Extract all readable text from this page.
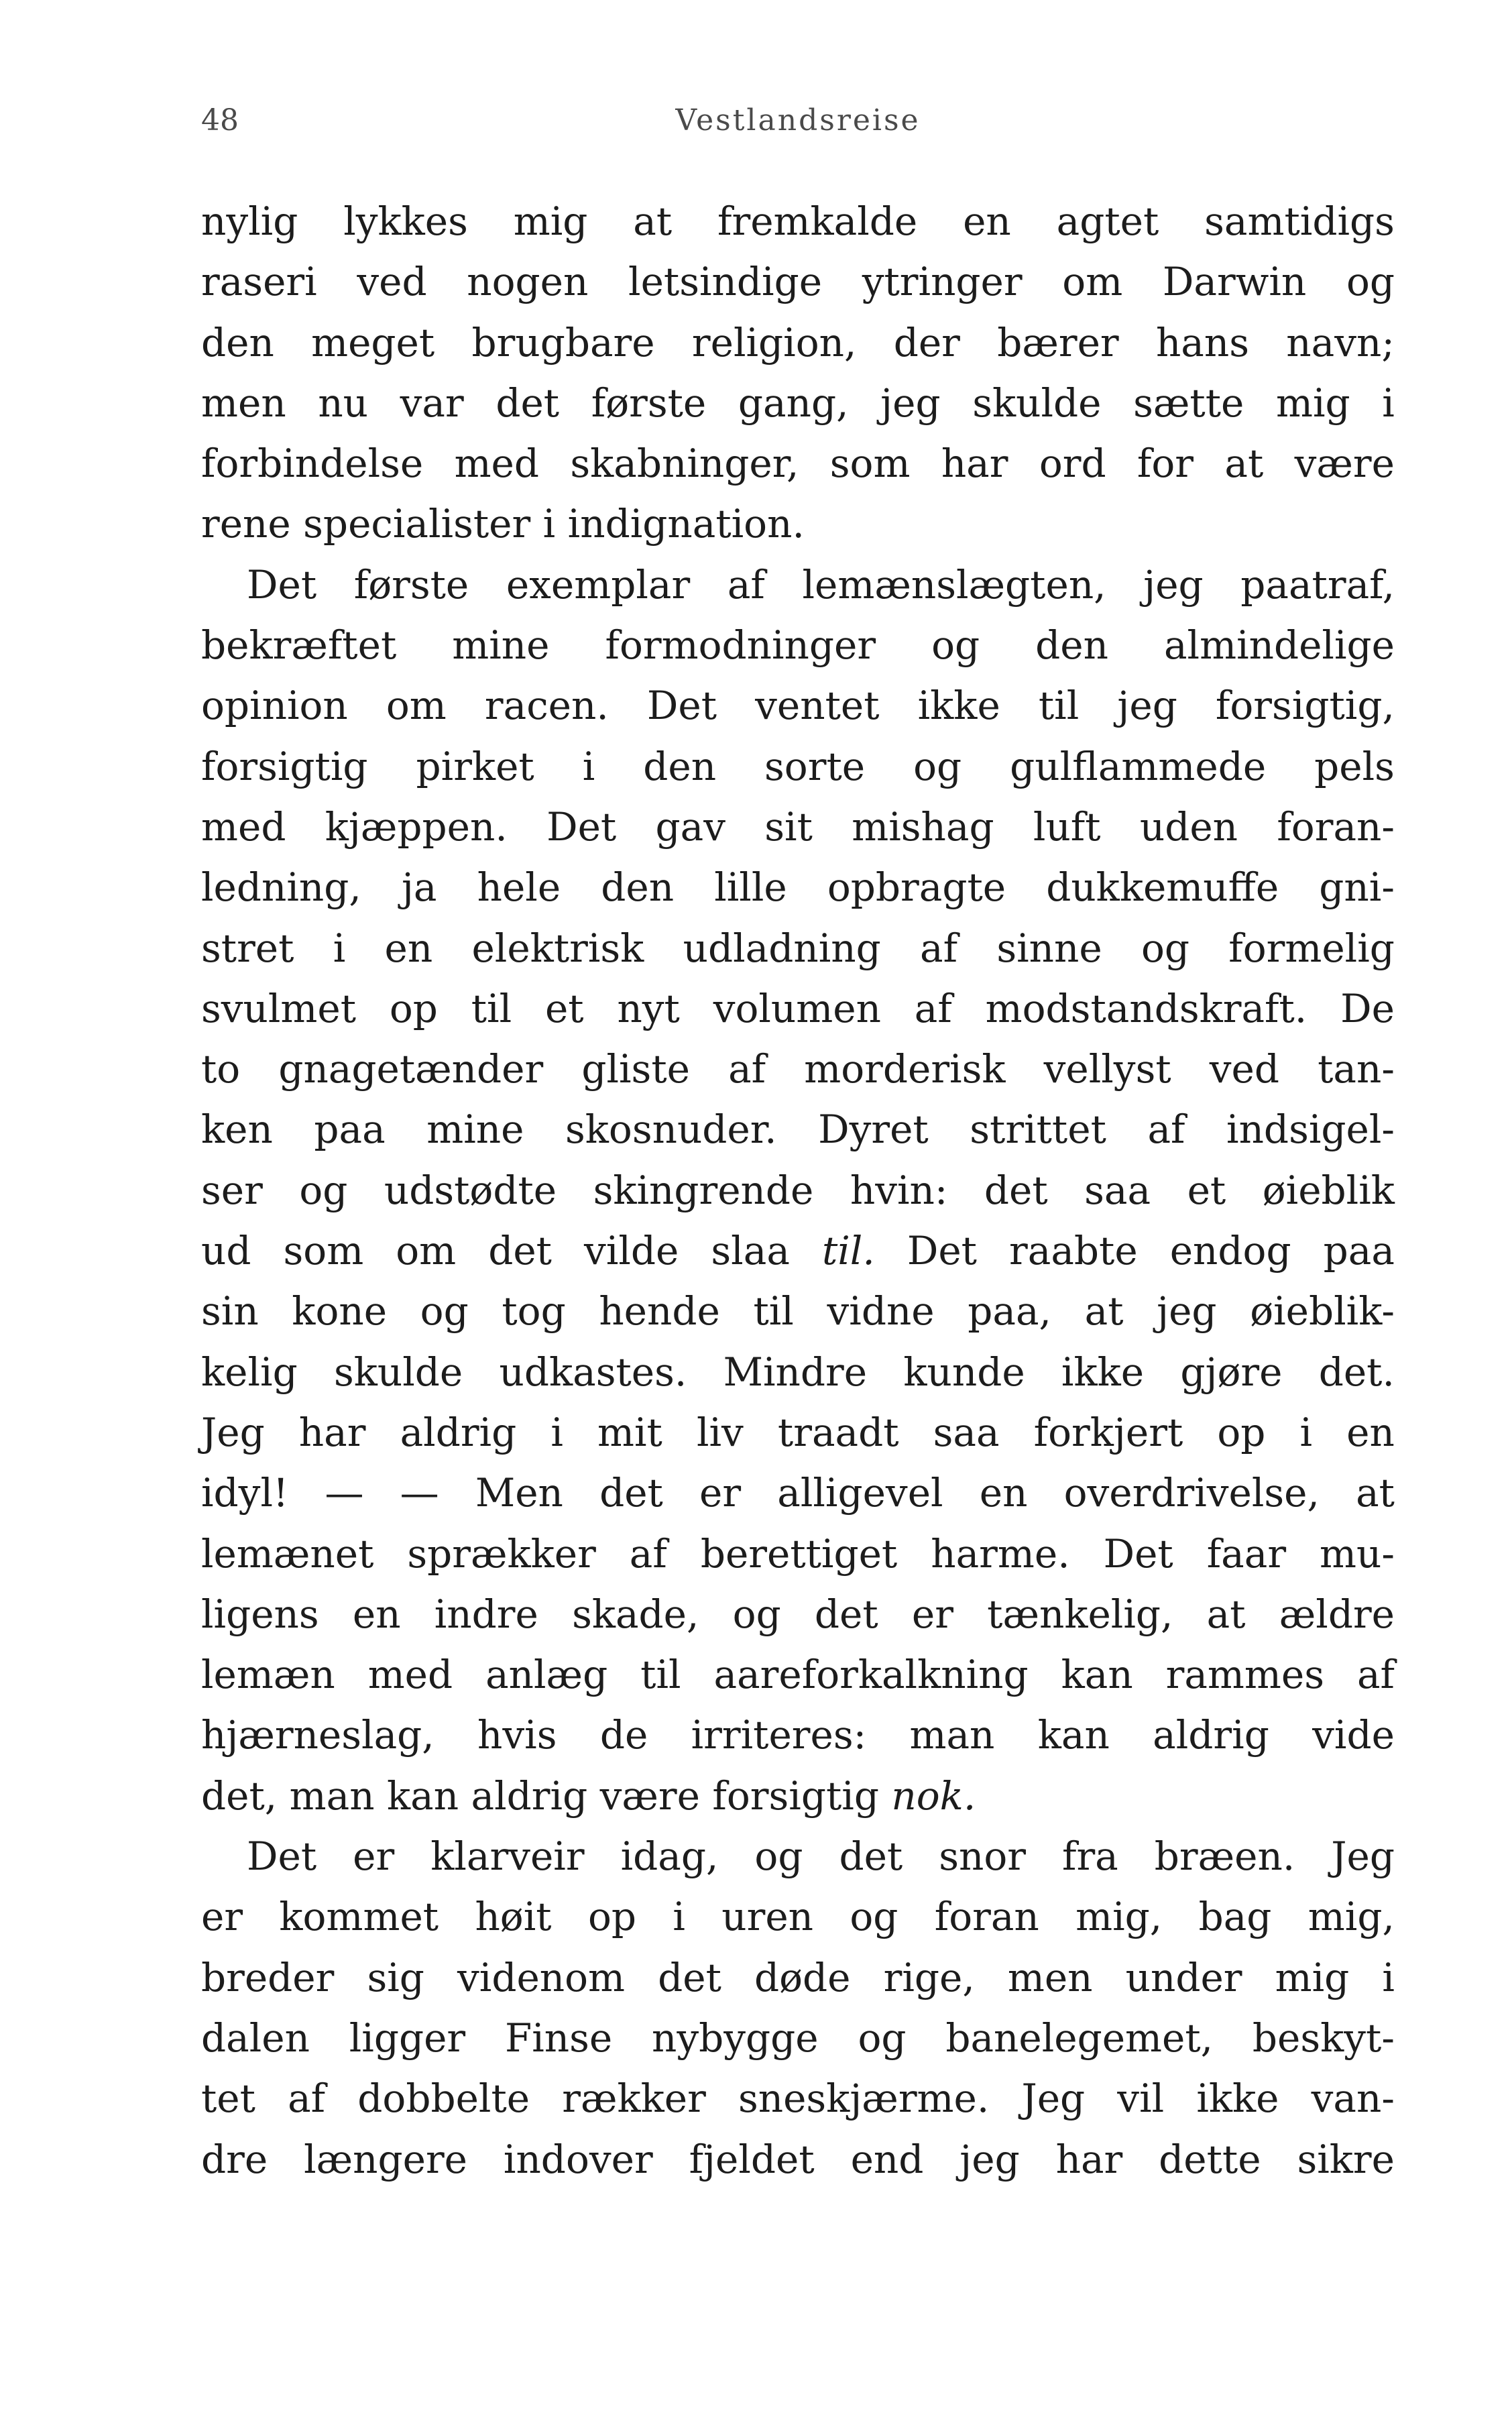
48	Vestlandsreise
nylig lykkes mig at fremkalde en agtet samtidigs
raseri ved nogen letsindige ytringer om Darwin og
den meget brugbare religion, der bærer hans navn;
men nu var det første gang, jeg skulde sætte mig i
forbindelse med skabninger, som har ord for at være
rene specialister i indignation.
Det første exemplar af lemænslægten, jeg paatraf,
bekræftet mine formodninger og den almindelige
opinion om racen. Det ventet ikke til jeg forsigtig,
forsigtig pirket i den sorte og gulflammede pels
med kjæppen. Det gav sit mishag luft uden foran-
ledning, ja hele den lille opbragte dukkemuffe gni-
stret i en elektrisk udladning af sinne og formelig
svulmet op til et nyt volumen af modstandskraft. De
to gnagetænder gliste af morderisk vellyst ved tan-
ken paa mine skosnuder. Dyret strittet af indsigel-
ser og udstødte skingrende hvin: det saa et øieblik
ud som om det vilde slaa til. Det raabte endog paa
sin kone og tog hende til vidne paa, at jeg øieblik-
kelig skulde udkastes. Mindre kunde ikke gjøre det.
Jeg har aldrig i mit liv traadt saa forkjert op i en
idyl! — — Men det er alligevel en overdrivelse, at
lemænet sprækker af berettiget harme. Det faar mu-
ligens en indre skade, og det er tænkelig, at ældre
lemæn med anlæg til aareforkalkning kan rammes af
hjærneslag, hvis de irriteres: man kan aldrig vide
det, man kan aldrig være forsigtig nok.
Det er klarveir idag, og det snor fra bræen. Jeg
er kommet høit op i uren og foran mig, bag mig,
breder sig videnom det døde rige, men under mig i
dalen ligger Finse nybygge og banelegemet, beskyt-
tet af dobbelte rækker sneskjærme. Jeg vil ikke van-
dre længere indover fjeldet end jeg har dette sikre
